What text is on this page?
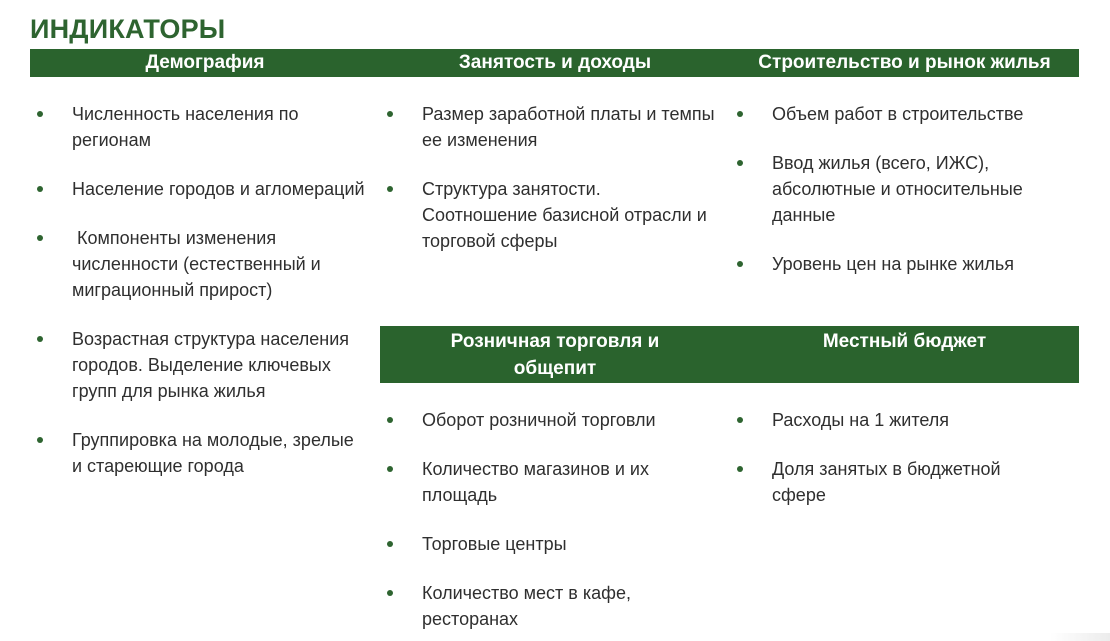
ИНДИКАТОРЫ
Демография	Занятость и доходы	Строительство и рынок жилья
Розничная торговля и общепит
Местный бюджет
Численность населения по регионам
Население городов и агломераций
Компоненты изменения численности (естественный и миграционный прирост)
Возрастная структура населения городов. Выделение ключевых групп для рынка жилья
Группировка на молодые, зрелые и стареющие города
Размер заработной платы и темпы ее изменения
Структура занятости. Соотношение базисной отрасли и торговой сферы
Объем работ в строительстве
Ввод жилья (всего, ИЖС), абсолютные и относительные данные
Уровень цен на рынке жилья
Оборот розничной торговли
Количество магазинов и их площадь
Торговые центры
Количество мест в кафе, ресторанах
Расходы на 1 жителя
Доля занятых в бюджетной сфере
